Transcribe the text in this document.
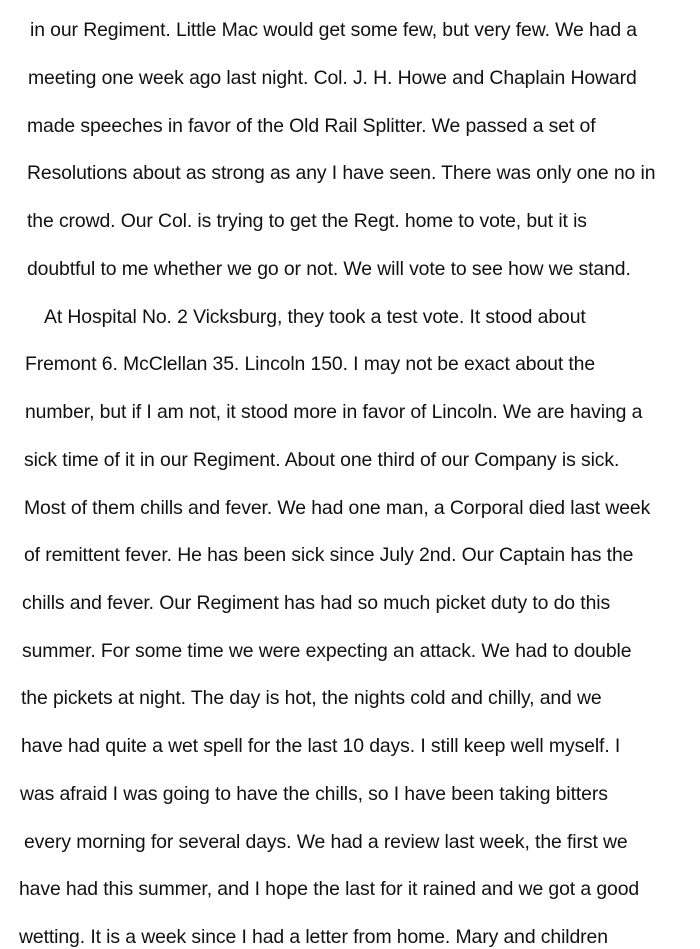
in our Regiment. Little Mac would get some few, but very few. We had a
meeting one week ago last night. Col. J. H. Howe and Chaplain Howard
made speeches in favor of the Old Rail Splitter. We passed a set of
Resolutions about as strong as any I have seen. There was only one no in
the crowd. Our Col. is trying to get the Regt. home to vote, but it is
doubtful to me whether we go or not. We will vote to see how we stand.
At Hospital No. 2 Vicksburg, they took a test vote. It stood about
Fremont 6. McClellan 35. Lincoln 150. I may not be exact about the
number, but if I am not, it stood more in favor of Lincoln. We are having a
sick time of it in our Regiment. About one third of our Company is sick.
Most of them chills and fever. We had one man, a Corporal died last week
of remittent fever. He has been sick since July 2nd. Our Captain has the
chills and fever. Our Regiment has had so much picket duty to do this
summer. For some time we were expecting an attack. We had to double
the pickets at night. The day is hot, the nights cold and chilly, and we
have had quite a wet spell for the last 10 days. I still keep well myself. I
was afraid I was going to have the chills, so I have been taking bitters
every morning for several days. We had a review last week, the first we
have had this summer, and I hope the last for it rained and we got a good
wetting. It is a week since I had a letter from home. Mary and children
